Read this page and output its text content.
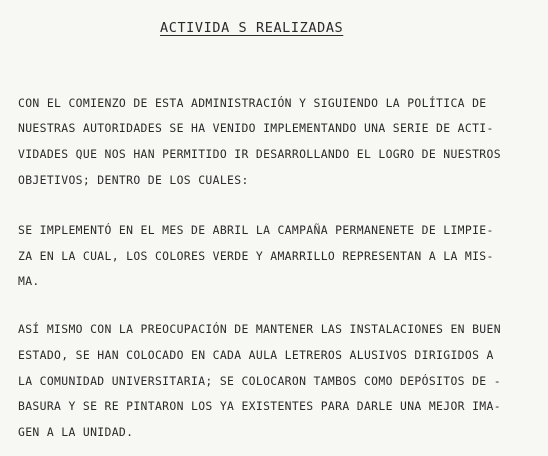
ACTIVIDA S REALIZADAS
CON EL COMIENZO DE ESTA ADMINISTRACIÓN Y SIGUIENDO LA POLÍTICA DE
NUESTRAS AUTORIDADES SE HA VENIDO IMPLEMENTANDO UNA SERIE DE ACTI-
VIDADES QUE NOS HAN PERMITIDO IR DESARROLLANDO EL LOGRO DE NUESTROS
OBJETIVOS; DENTRO DE LOS CUALES:
SE IMPLEMENTÓ EN EL MES DE ABRIL LA CAMPAÑA PERMANENETE DE LIMPIE-
ZA EN LA CUAL, LOS COLORES VERDE Y AMARRILLO REPRESENTAN A LA MIS-
MA.
ASÍ MISMO CON LA PREOCUPACIÓN DE MANTENER LAS INSTALACIONES EN BUEN
ESTADO, SE HAN COLOCADO EN CADA AULA LETREROS ALUSIVOS DIRIGIDOS A
LA COMUNIDAD UNIVERSITARIA; SE COLOCARON TAMBOS COMO DEPÓSITOS DE -
BASURA Y SE RE PINTARON LOS YA EXISTENTES PARA DARLE UNA MEJOR IMA-
GEN A LA UNIDAD.
